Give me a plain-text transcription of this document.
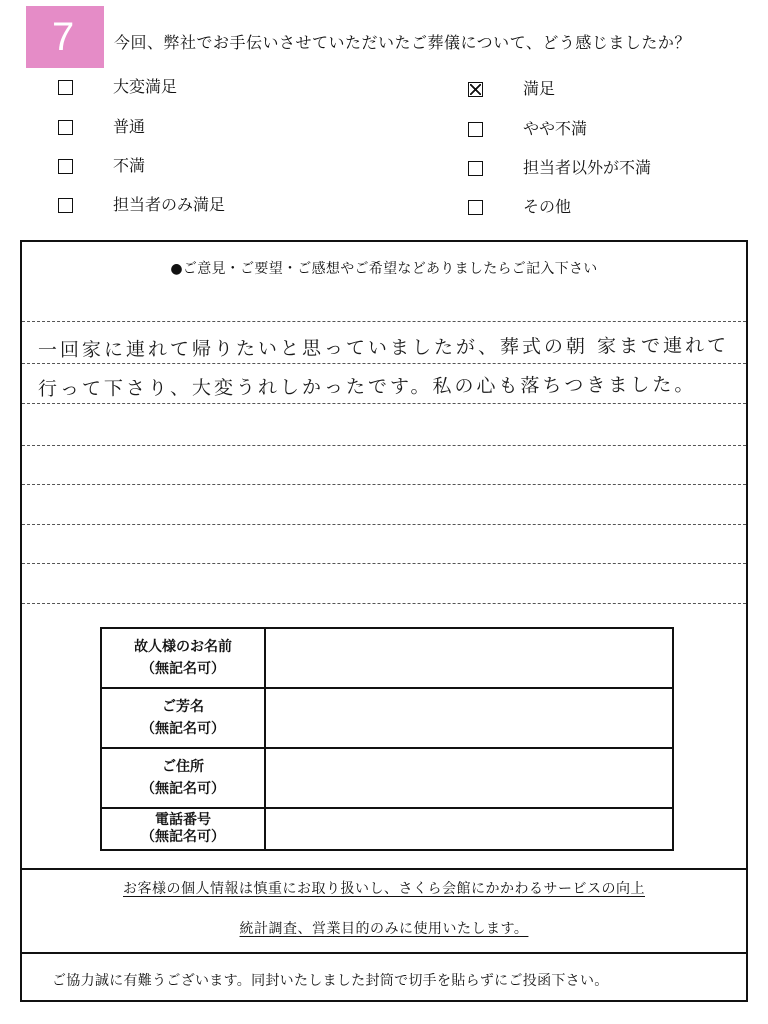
7	今回、弊社でお手伝いさせていただいたご葬儀について、どう感じましたか？
大変満足
普通
不満
担当者のみ満足
満足
やや不満
担当者以外が不満
その他
●ご意見・ご要望・ご感想やご希望などありましたらご記入下さい
一回家に連れて帰りたいと思っていましたが、葬式の朝 家まで連れて
行って下さり、大変うれしかったです。私の心も落ちつきました。
故人様のお名前
（無記名可）	

ご芳名
（無記名可）	

ご住所
（無記名可）	

電話番号
（無記名可）	

お客様の個人情報は慎重にお取り扱いし、さくら会館にかかわるサービスの向上
統計調査、営業目的のみに使用いたします。
ご協力誠に有難うございます。同封いたしました封筒で切手を貼らずにご投函下さい。
